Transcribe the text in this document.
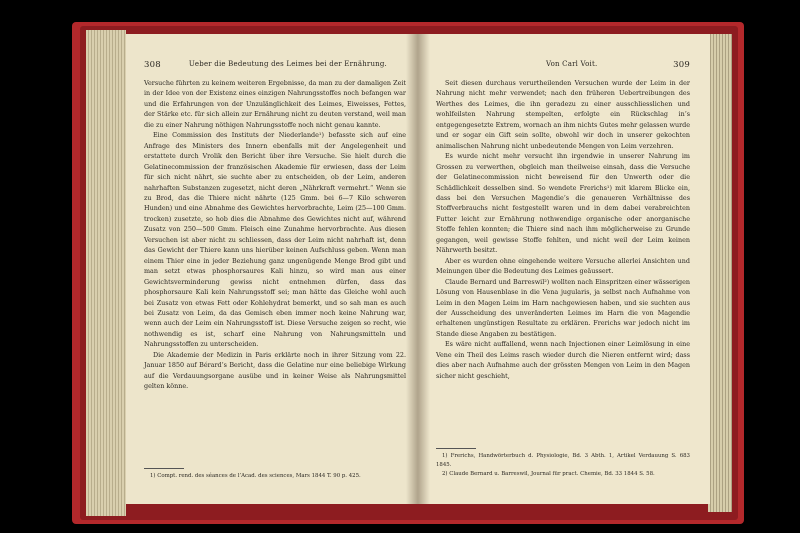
308	Ueber die Bedeutung des Leimes bei der Ernährung.

Versuche führten zu keinem weiteren Ergebnisse, da man zu der damaligen Zeit in der Idee von der Existenz eines einzigen Nahrungsstoffes noch befangen war und die Erfahrungen von der Unzulänglichkeit des Leimes, Eiweisses, Fettes, der Stärke etc. für sich allein zur Ernährung nicht zu deuten verstand, weil man die zu einer Nahrung nöthigen Nahrungsstoffe noch nicht genau kannte.

Eine Commission des Instituts der Niederlande¹) befasste sich auf eine Anfrage des Ministers des Innern ebenfalls mit der Angelegenheit und erstattete durch Vrolik den Bericht über ihre Versuche. Sie hielt durch die Gelatinecommission der französischen Akademie für erwiesen, dass der Leim für sich nicht nährt, sie suchte aber zu entscheiden, ob der Leim, anderen nahrhaften Substanzen zugesetzt, nicht deren „Nährkraft vermehrt.“ Wenn sie zu Brod, das die Thiere nicht nährte (125 Gmm. bei 6—7 Kilo schweren Hunden) und eine Abnahme des Gewichtes hervorbrachte, Leim (25—100 Gmm. trocken) zusetzte, so hob dies die Abnahme des Gewichtes nicht auf, während Zusatz von 250—500 Gmm. Fleisch eine Zunahme hervorbrachte. Aus diesen Versuchen ist aber nicht zu schliessen, dass der Leim nicht nahrhaft ist, denn das Gewicht der Thiere kann uns hierüber keinen Aufschluss geben. Wenn man einem Thier eine in jeder Beziehung ganz ungenügende Menge Brod gibt und man setzt etwas phosphorsaures Kali hinzu, so wird man aus einer Gewichtsverminderung gewiss nicht entnehmen dürfen, dass das phosphorsaure Kali kein Nahrungsstoff sei; man hätte das Gleiche wohl auch bei Zusatz von etwas Fett oder Kohlehydrat bemerkt, und so sah man es auch bei Zusatz von Leim, da das Gemisch eben immer noch keine Nahrung war, wenn auch der Leim ein Nahrungsstoff ist. Diese Versuche zeigen so recht, wie nothwendig es ist, scharf eine Nahrung von Nahrungsmitteln und Nahrungsstoffen zu unterscheiden.

Die Akademie der Medizin in Paris erklärte noch in ihrer Sitzung vom 22. Januar 1850 auf Bérard’s Bericht, dass die Gelatine nur eine beliebige Wirkung auf die Verdauungsorgane ausübe und in keiner Weise als Nahrungsmittel gelten könne.

1) Compt. rend. des séances de l’Acad. des sciences, Mars 1844 T. 90 p. 425.

Von Carl Voit.	309

Seit diesen durchaus verurtheilenden Versuchen wurde der Leim in der Nahrung nicht mehr verwendet; nach den früheren Uebertreibungen des Werthes des Leimes, die ihn geradezu zu einer ausschliesslichen und wohlfeilsten Nahrung stempelten, erfolgte ein Rückschlag in’s entgegengesetzte Extrem, wornach an ihm nichts Gutes mehr gelassen wurde und er sogar ein Gift sein sollte, obwohl wir doch in unserer gekochten animalischen Nahrung nicht unbedeutende Mengen von Leim verzehren.

Es wurde nicht mehr versucht ihn irgendwie in unserer Nahrung im Grossen zu verwerthen, obgleich man theilweise einsah, dass die Versuche der Gelatinecommission nicht beweisend für den Unwerth oder die Schädlichkeit desselben sind. So wendete Frerichs¹) mit klarem Blicke ein, dass bei den Versuchen Magendie’s die genaueren Verhältnisse des Stoffverbrauchs nicht festgestellt waren und in dem dabei verabreichten Futter leicht zur Ernährung nothwendige organische oder anorganische Stoffe fehlen konnten; die Thiere sind nach ihm möglicherweise zu Grunde gegangen, weil gewisse Stoffe fehlten, und nicht weil der Leim keinen Nährwerth besitzt.

Aber es wurden ohne eingehende weitere Versuche allerlei Ansichten und Meinungen über die Bedeutung des Leimes geäussert.

Claude Bernard und Barreswil²) wollten nach Einspritzen einer wässerigen Lösung von Hausenblase in die Vena jugularis, ja selbst nach Aufnahme von Leim in den Magen Leim im Harn nachgewiesen haben, und sie suchten aus der Ausscheidung des unveränderten Leimes im Harn die von Magendie erhaltenen ungünstigen Resultate zu erklären. Frerichs war jedoch nicht im Stande diese Angaben zu bestätigen.

Es wäre nicht auffallend, wenn nach Injectionen einer Leimlösung in eine Vene ein Theil des Leims rasch wieder durch die Nieren entfernt wird; dass dies aber nach Aufnahme auch der grössten Mengen von Leim in den Magen sicher nicht geschieht,

1) Frerichs, Handwörterbuch d. Physiologie, Bd. 3 Abth. 1, Artikel Verdauung S. 683 1845.

2) Claude Bernard u. Barreswil, Journal für pract. Chemie, Bd. 33 1844 S. 58.
